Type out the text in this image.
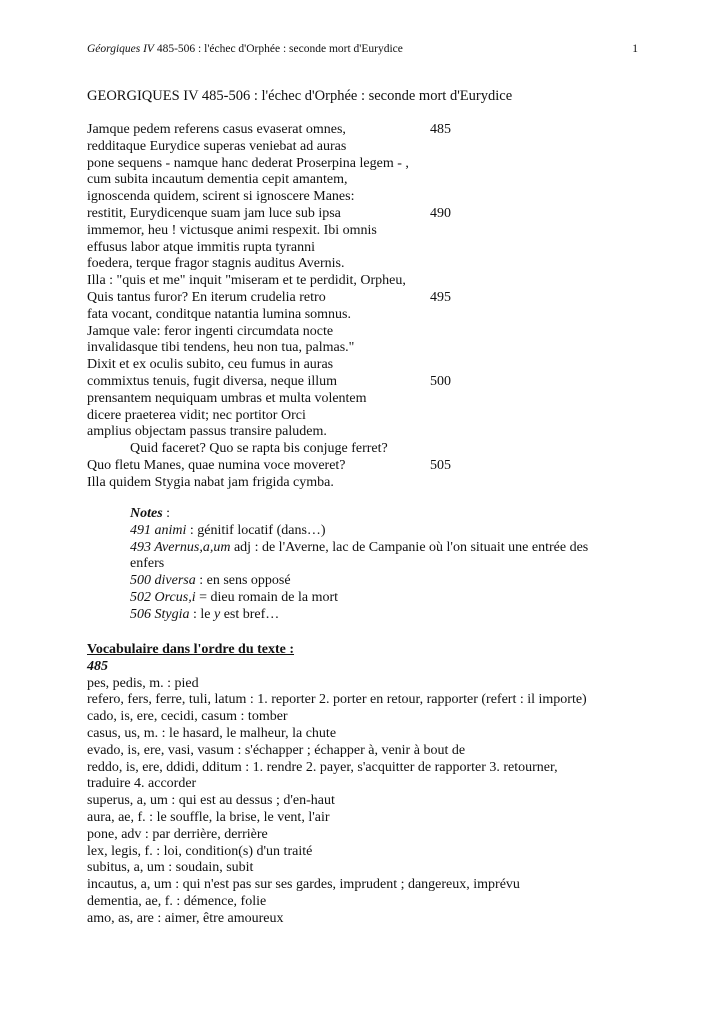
Géorgiques IV 485-506 : l'échec d'Orphée : seconde mort d'Eurydice	1
GEORGIQUES IV 485-506 : l'échec d'Orphée : seconde mort d'Eurydice
Jamque pedem referens casus evaserat omnes,	485
redditaque Eurydice superas veniebat ad auras
pone sequens - namque hanc dederat Proserpina legem - ,
cum subita incautum dementia cepit amantem,
ignoscenda quidem, scirent si ignoscere Manes:
restitit, Eurydicenque suam jam luce sub ipsa	490
immemor, heu ! victusque animi respexit. Ibi omnis
effusus labor atque immitis rupta tyranni
foedera, terque fragor stagnis auditus Avernis.
Illa : "quis et me" inquit "miseram et te perdidit, Orpheu,
Quis tantus furor? En iterum crudelia retro	495
fata vocant, conditque natantia lumina somnus.
Jamque vale: feror ingenti circumdata nocte
invalidasque tibi tendens, heu non tua, palmas."
Dixit et ex oculis subito, ceu fumus in auras
commixtus tenuis, fugit diversa, neque illum	500
prensantem nequiquam umbras et multa volentem
dicere praeterea vidit; nec portitor Orci
amplius objectam passus transire paludem.
Quid faceret? Quo se rapta bis conjuge ferret?
Quo fletu Manes, quae numina voce moveret?	505
Illa quidem Stygia nabat jam frigida cymba.
Notes :
491 animi : génitif locatif (dans…)
493 Avernus,a,um adj : de l'Averne, lac de Campanie où l'on situait une entrée des
enfers
500 diversa : en sens opposé
502 Orcus,i = dieu romain de la mort
506 Stygia : le y est bref…
Vocabulaire dans l'ordre du texte :
485
pes, pedis, m. : pied
refero, fers, ferre, tuli, latum : 1. reporter 2. porter en retour, rapporter (refert : il importe)
cado, is, ere, cecidi, casum : tomber
casus, us, m. : le hasard, le malheur, la chute
evado, is, ere, vasi, vasum : s'échapper ; échapper à, venir à bout de
reddo, is, ere, ddidi, dditum : 1. rendre 2. payer, s'acquitter de rapporter 3. retourner,
traduire 4. accorder
superus, a, um : qui est au dessus ; d'en-haut
aura, ae, f. : le souffle, la brise, le vent, l'air
pone, adv : par derrière, derrière
lex, legis, f. : loi, condition(s) d'un traité
subitus, a, um : soudain, subit
incautus, a, um : qui n'est pas sur ses gardes, imprudent ; dangereux, imprévu
dementia, ae, f. : démence, folie
amo, as, are : aimer, être amoureux
